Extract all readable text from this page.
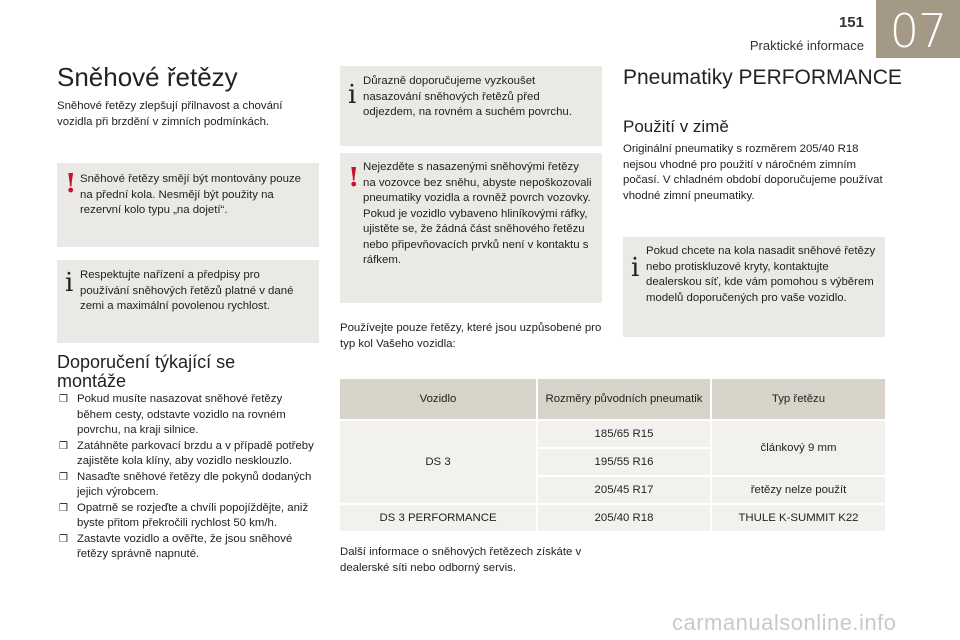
151
Praktické informace 07
Sněhové řetězy
Sněhové řetězy zlepšují přilnavost a chování vozidla při brzdění v zimních podmínkách.
! Sněhové řetězy smějí být montovány pouze na přední kola. Nesmějí být použity na rezervní kolo typu „na dojetí“.
i Respektujte nařízení a předpisy pro používání sněhových řetězů platné v dané zemi a maximální povolenou rychlost.
Doporučení týkající se montáže
❒ Pokud musíte nasazovat sněhové řetězy během cesty, odstavte vozidlo na rovném povrchu, na kraji silnice.
❒ Zatáhněte parkovací brzdu a v případě potřeby zajistěte kola klíny, aby vozidlo nesklouzlo.
❒ Nasaďte sněhové řetězy dle pokynů dodaných jejich výrobcem.
❒ Opatrně se rozjeďte a chvíli popojíždějte, aniž byste přitom překročili rychlost 50 km/h.
❒ Zastavte vozidlo a ověřte, že jsou sněhové řetězy správně napnuté.
i Důrazně doporučujeme vyzkoušet nasazování sněhových řetězů před odjezdem, na rovném a suchém povrchu.
! Nejezděte s nasazenými sněhovými řetězy na vozovce bez sněhu, abyste nepoškozovali pneumatiky vozidla a rovněž povrch vozovky. Pokud je vozidlo vybaveno hliníkovými ráfky, ujistěte se, že žádná část sněhového řetězu nebo připevňovacích prvků není v kontaktu s ráfkem.
Používejte pouze řetězy, které jsou uzpůsobené pro typ kol Vašeho vozidla:
Pneumatiky PERFORMANCE
Použití v zimě
Originální pneumatiky s rozměrem 205/40 R18 nejsou vhodné pro použití v náročném zimním počasí. V chladném období doporučujeme používat vhodné zimní pneumatiky.
i
Pokud chcete na kola nasadit sněhové řetězy nebo protiskluzové kryty, kontaktujte dealerskou síť, kde vám pomohou s výběrem modelů doporučených pro vaše vozidlo.
Vozidlo	Rozměry původních pneumatik	Typ řetězu
DS 3	185/65 R15	článkový 9 mm
	195/55 R16	
	205/45 R17	řetězy nelze použít
DS 3 PERFORMANCE	205/40 R18	THULE K-SUMMIT K22
Další informace o sněhových řetězech získáte v dealerské síti nebo odborný servis.
carmanualsonline.info
